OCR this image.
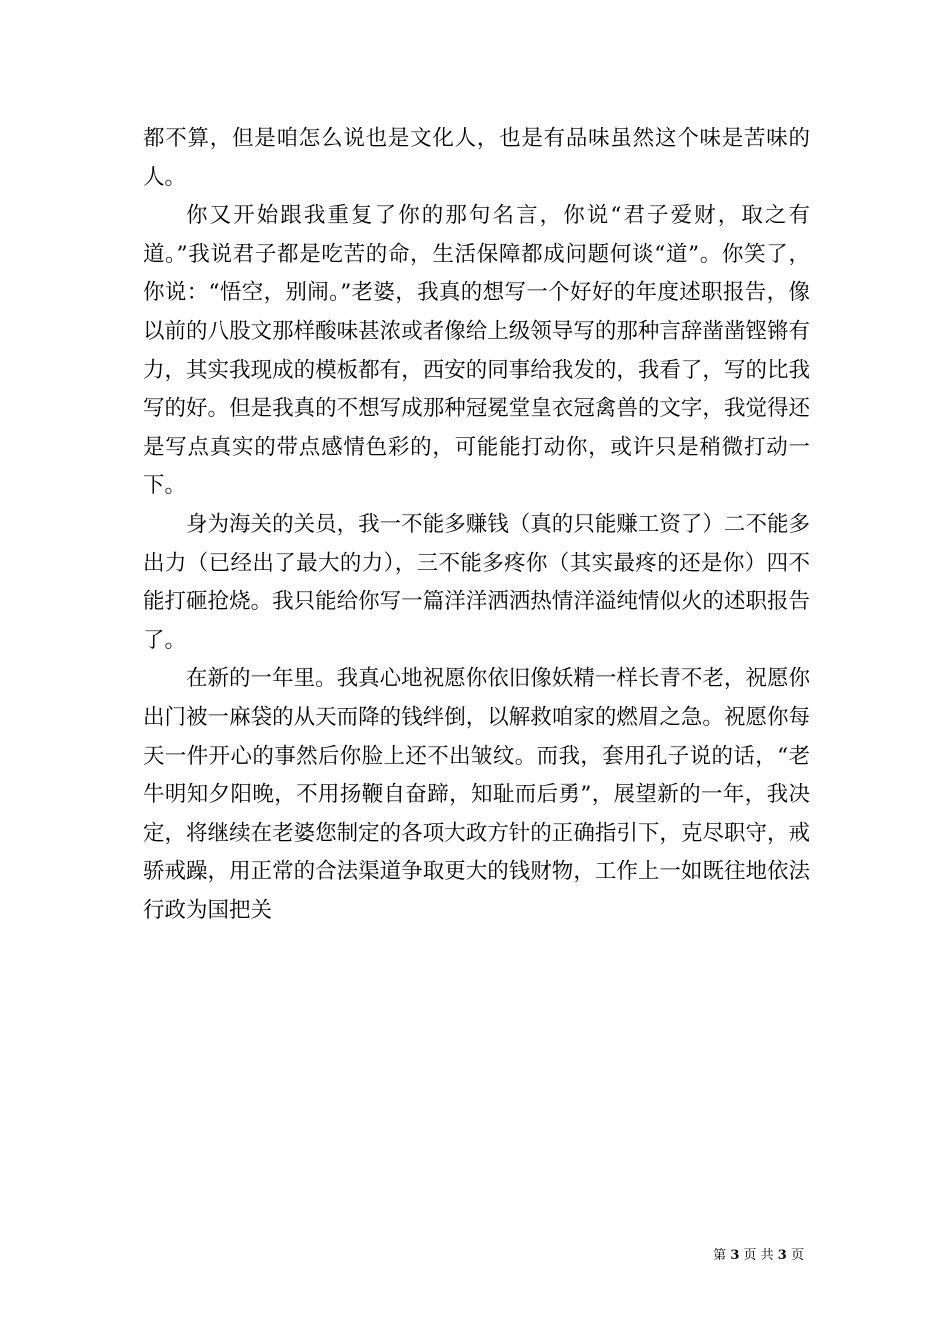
都不算，但是咱怎么说也是文化人，也是有品味虽然这个味是苦味的人。

你又开始跟我重复了你的那句名言，你说“君子爱财，取之有道。”我说君子都是吃苦的命，生活保障都成问题何谈“道”。你笑了，你说：“悟空，别闹。”老婆，我真的想写一个好好的年度述职报告，像以前的八股文那样酸味甚浓或者像给上级领导写的那种言辞凿凿铿锵有力，其实我现成的模板都有，西安的同事给我发的，我看了，写的比我写的好。但是我真的不想写成那种冠冕堂皇衣冠禽兽的文字，我觉得还是写点真实的带点感情色彩的，可能能打动你，或许只是稍微打动一下。

身为海关的关员，我一不能多赚钱（真的只能赚工资了）二不能多出力（已经出了最大的力），三不能多疼你（其实最疼的还是你）四不能打砸抢烧。我只能给你写一篇洋洋洒洒热情洋溢纯情似火的述职报告了。

在新的一年里。我真心地祝愿你依旧像妖精一样长青不老，祝愿你出门被一麻袋的从天而降的钱绊倒，以解救咱家的燃眉之急。祝愿你每天一件开心的事然后你脸上还不出皱纹。而我，套用孔子说的话，“老牛明知夕阳晚，不用扬鞭自奋蹄，知耻而后勇”，展望新的一年，我决定，将继续在老婆您制定的各项大政方针的正确指引下，克尽职守，戒骄戒躁，用正常的合法渠道争取更大的钱财物，工作上一如既往地依法行政为国把关

第 3 页 共 3 页
